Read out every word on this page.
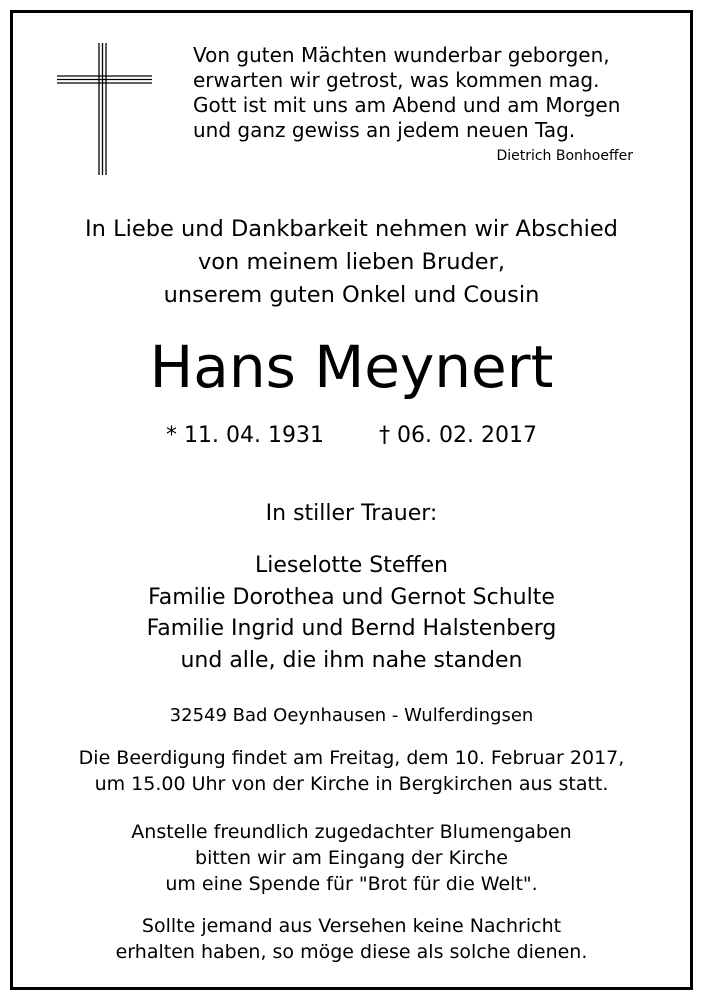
Von guten Mächten wunderbar geborgen,
erwarten wir getrost, was kommen mag.
Gott ist mit uns am Abend und am Morgen
und ganz gewiss an jedem neuen Tag.
Dietrich Bonhoeffer
In Liebe und Dankbarkeit nehmen wir Abschied
von meinem lieben Bruder,
unserem guten Onkel und Cousin
Hans Meynert
* 11. 04. 1931	† 06. 02. 2017
In stiller Trauer:
Lieselotte Steffen
Familie Dorothea und Gernot Schulte
Familie Ingrid und Bernd Halstenberg
und alle, die ihm nahe standen
32549 Bad Oeynhausen - Wulferdingsen
Die Beerdigung findet am Freitag, dem 10. Februar 2017,
um 15.00 Uhr von der Kirche in Bergkirchen aus statt.
Anstelle freundlich zugedachter Blumengaben
bitten wir am Eingang der Kirche
um eine Spende für "Brot für die Welt".
Sollte jemand aus Versehen keine Nachricht
erhalten haben, so möge diese als solche dienen.
